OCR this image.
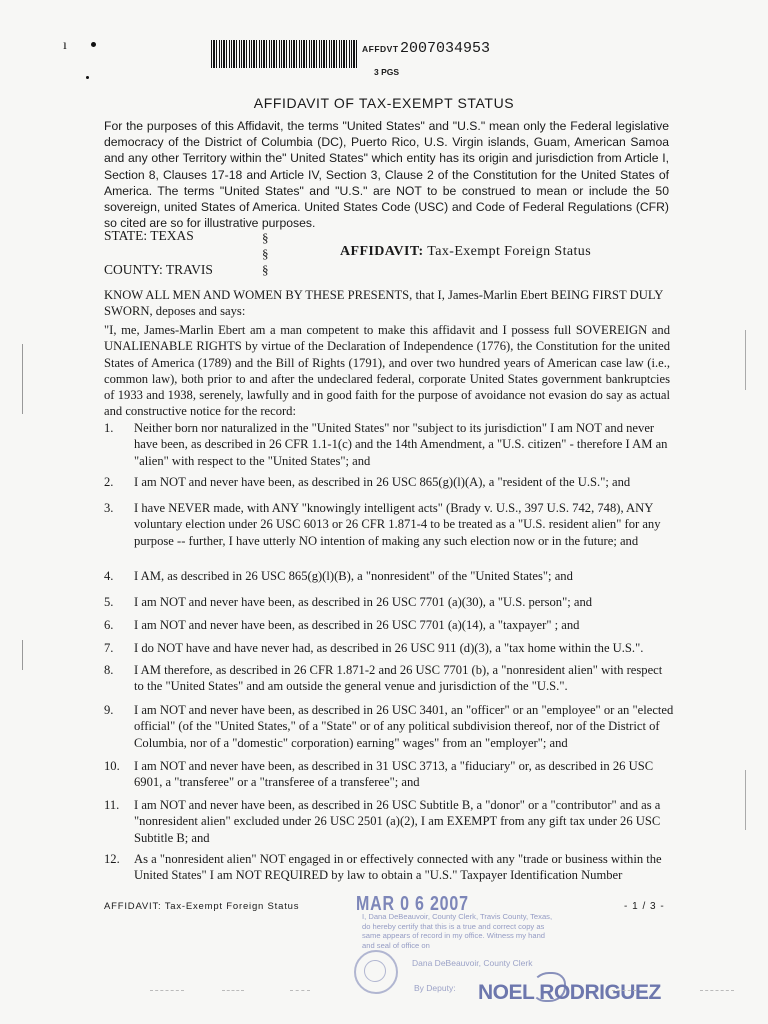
ı	AFFDVT 2007034953
3 PGS
AFFIDAVIT OF TAX-EXEMPT STATUS
For the purposes of this Affidavit, the terms "United States" and "U.S." mean only the Federal legislative democracy of the District of Columbia (DC), Puerto Rico, U.S. Virgin islands, Guam, American Samoa and any other Territory within the" United States" which entity has its origin and jurisdiction from Article I, Section 8, Clauses 17-18 and Article IV, Section 3, Clause 2 of the Constitution for the United States of America. The terms "United States" and "U.S." are NOT to be construed to mean or include the 50 sovereign, united States of America. United States Code (USC) and Code of Federal Regulations (CFR) so cited are so for illustrative purposes.
STATE: TEXAS
COUNTY: TRAVIS
§
§
§
AFFIDAVIT: Tax-Exempt Foreign Status
KNOW ALL MEN AND WOMEN BY THESE PRESENTS, that I, James-Marlin Ebert BEING FIRST DULY SWORN, deposes and says:
"I, me, James-Marlin Ebert am a man competent to make this affidavit and I possess full SOVEREIGN and UNALIENABLE RIGHTS by virtue of the Declaration of Independence (1776), the Constitution for the united States of America (1789) and the Bill of Rights (1791), and over two hundred years of American case law (i.e., common law), both prior to and after the undeclared federal, corporate United States government bankruptcies of 1933 and 1938, serenely, lawfully and in good faith for the purpose of avoidance not evasion do say as actual and constructive notice for the record:
1. Neither born nor naturalized in the "United States" nor "subject to its jurisdiction" I am NOT and never have been, as described in 26 CFR 1.1-1(c) and the 14th Amendment, a "U.S. citizen" - therefore I AM an "alien" with respect to the "United States"; and
2. I am NOT and never have been, as described in 26 USC 865(g)(l)(A), a "resident of the U.S."; and
3. I have NEVER made, with ANY "knowingly intelligent acts" (Brady v. U.S., 397 U.S. 742, 748), ANY voluntary election under 26 USC 6013 or 26 CFR 1.871-4 to be treated as a "U.S. resident alien" for any purpose -- further, I have utterly NO intention of making any such election now or in the future; and
4. I AM, as described in 26 USC 865(g)(l)(B), a "nonresident" of the "United States"; and
5. I am NOT and never have been, as described in 26 USC 7701 (a)(30), a "U.S. person"; and
6. I am NOT and never have been, as described in 26 USC 7701 (a)(14), a "taxpayer" ; and
7. I do NOT have and have never had, as described in 26 USC 911 (d)(3), a "tax home within the U.S.".
8. I AM therefore, as described in 26 CFR 1.871-2 and 26 USC 7701 (b), a "nonresident alien" with respect to the "United States" and am outside the general venue and jurisdiction of the "U.S.".
9. I am NOT and never have been, as described in 26 USC 3401, an "officer" or an "employee" or an "elected official" (of the "United States," of a "State" or of any political subdivision thereof, nor of the District of Columbia, nor of a "domestic" corporation) earning" wages" from an "employer"; and
10. I am NOT and never have been, as described in 31 USC 3713, a "fiduciary" or, as described in 26 USC 6901, a "transferee" or a "transferee of a transferee"; and
11. I am NOT and never have been, as described in 26 USC Subtitle B, a "donor" or a "contributor" and as a "nonresident alien" excluded under 26 USC 2501 (a)(2), I am EXEMPT from any gift tax under 26 USC Subtitle B; and
12. As a "nonresident alien" NOT engaged in or effectively connected with any "trade or business within the United States" I am NOT REQUIRED by law to obtain a "U.S." Taxpayer Identification Number
AFFIDAVIT: Tax-Exempt Foreign Status	- 1 / 3 -
MAR 0 6 2007
I, Dana DeBeauvoir, County Clerk, Travis County, Texas, do hereby certify that this is a true and correct copy as same appears of record in my office. Witness my hand and seal of office on
Dana DeBeauvoir, County Clerk
By Deputy: NOEL RODRIGUEZ
